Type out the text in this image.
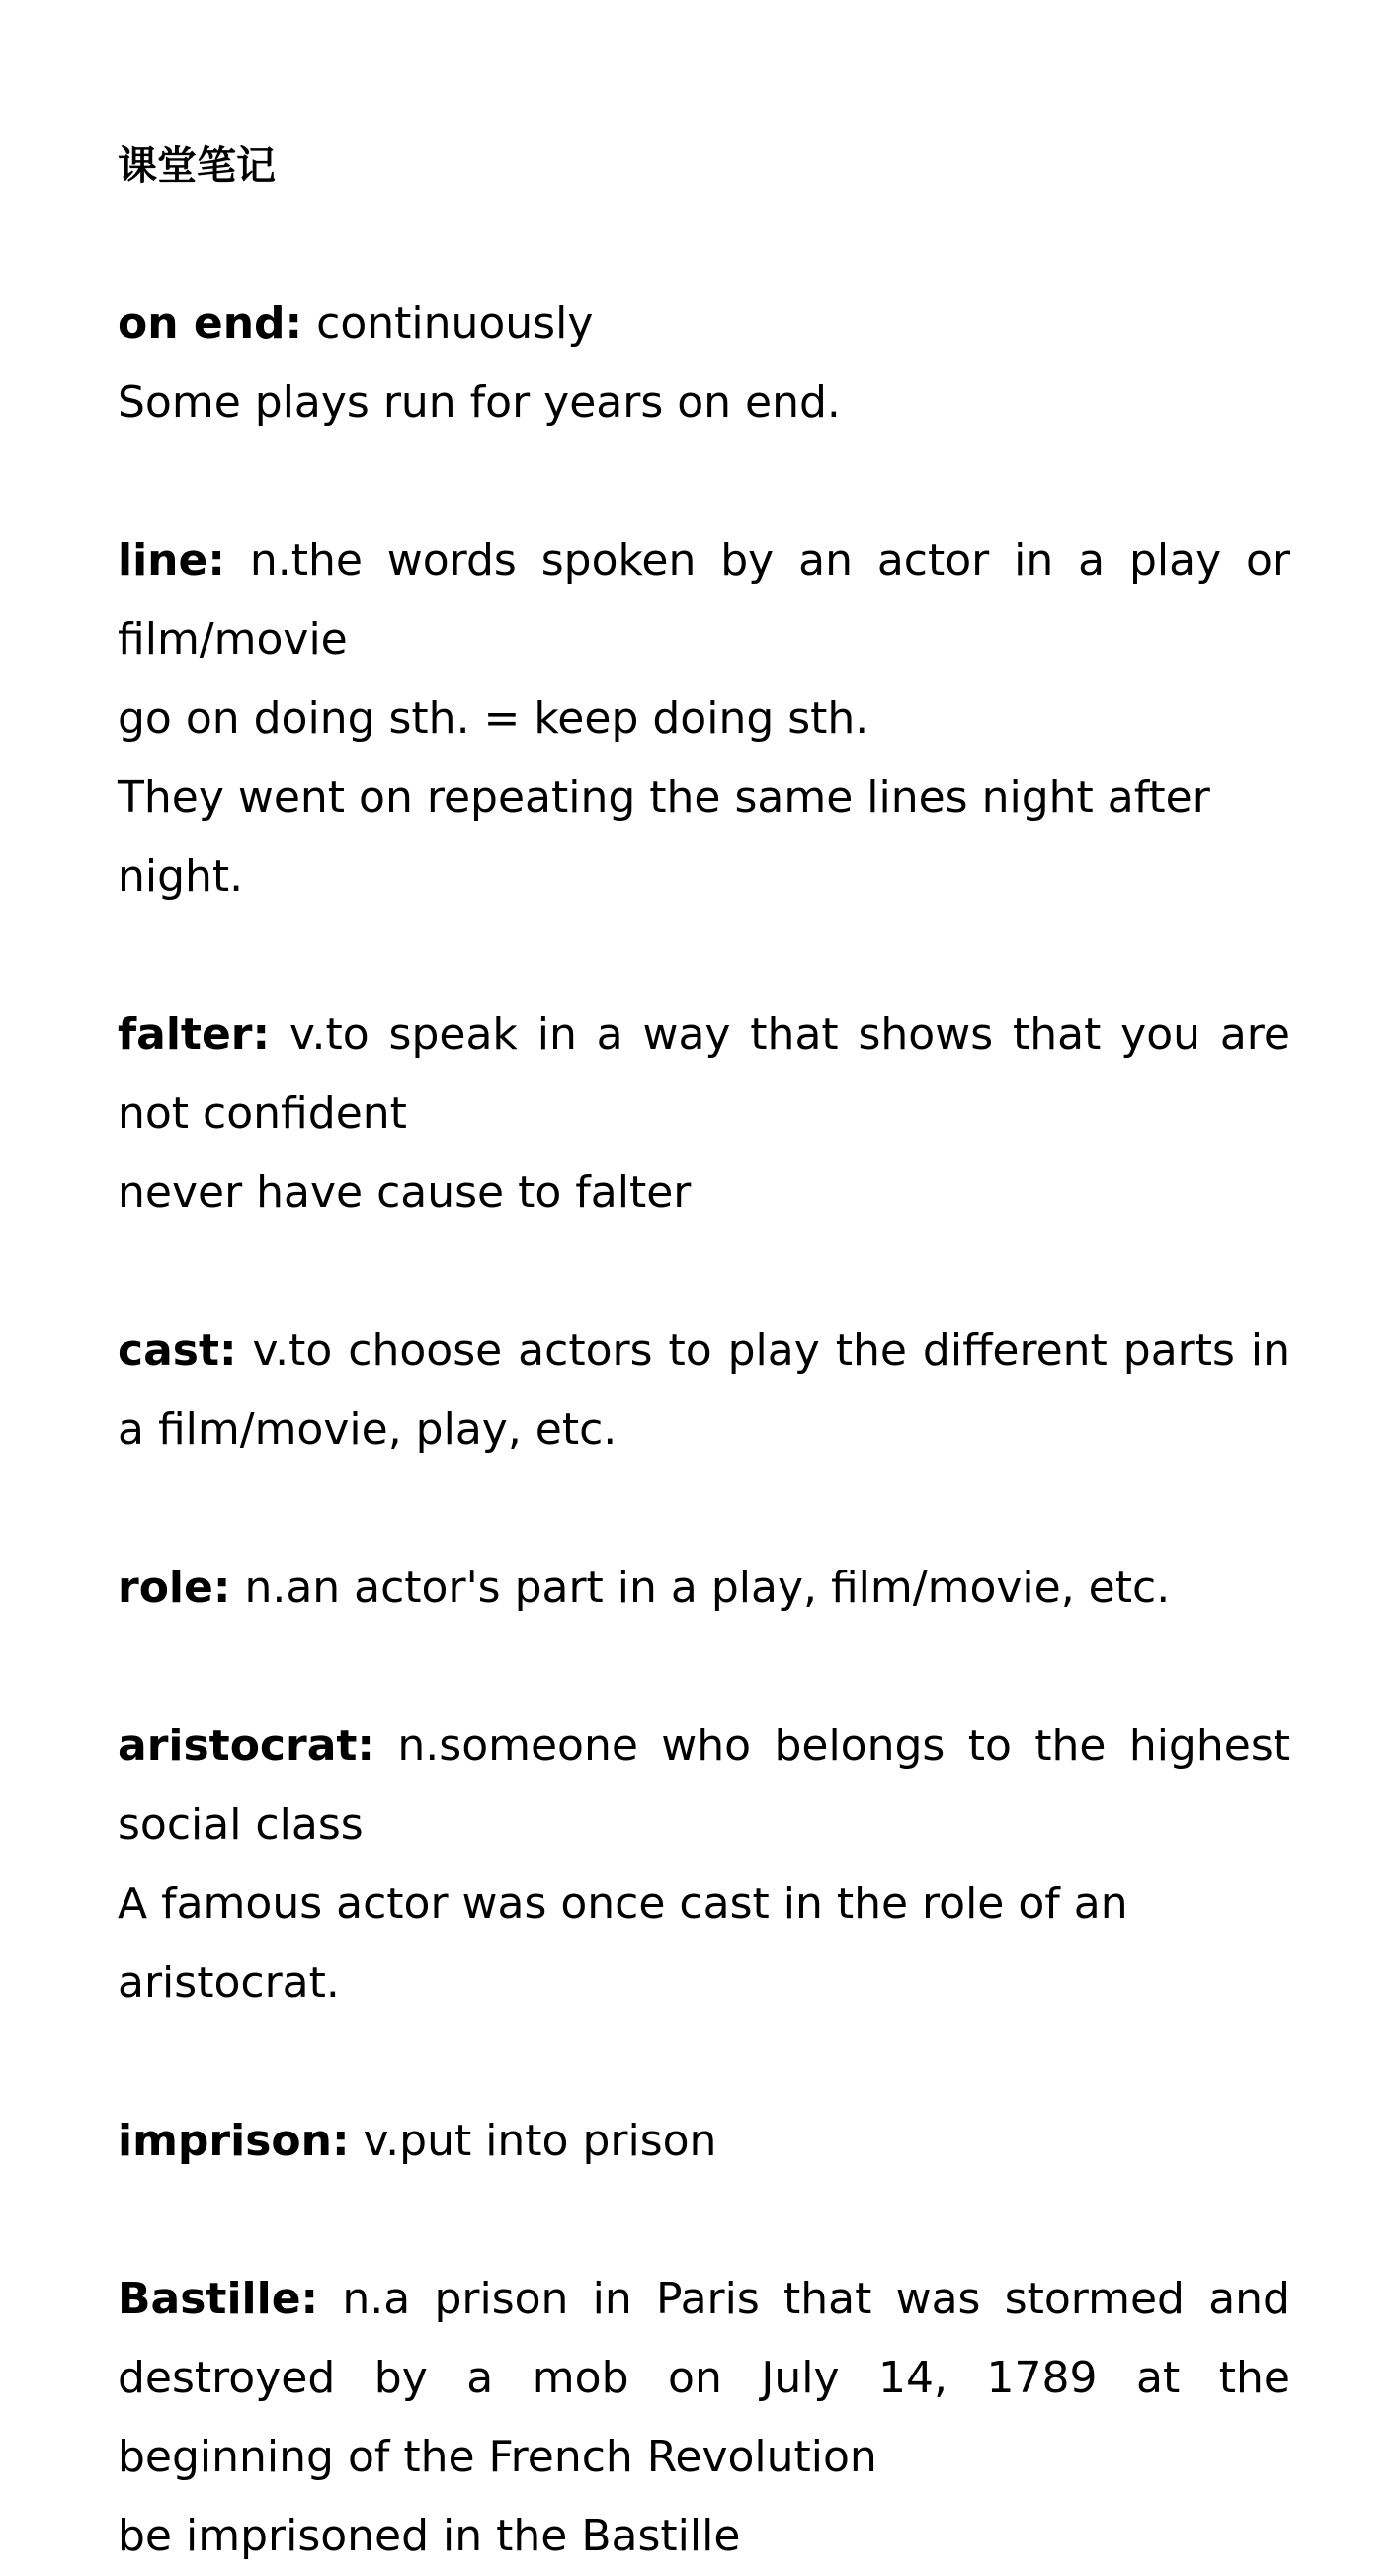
课堂笔记

on end: continuously

Some plays run for years on end.

line: n.the words spoken by an actor in a play or film/movie

go on doing sth. = keep doing sth.

They went on repeating the same lines night after night.

falter: v.to speak in a way that shows that you are not confident

never have cause to falter

cast: v.to choose actors to play the different parts in a film/movie, play, etc.

role: n.an actor's part in a play, film/movie, etc.

aristocrat: n.someone who belongs to the highest social class

A famous actor was once cast in the role of an aristocrat.

imprison: v.put into prison

Bastille: n.a prison in Paris that was stormed and destroyed by a mob on July 14, 1789 at the beginning of the French Revolution

be imprisoned in the Bastille
